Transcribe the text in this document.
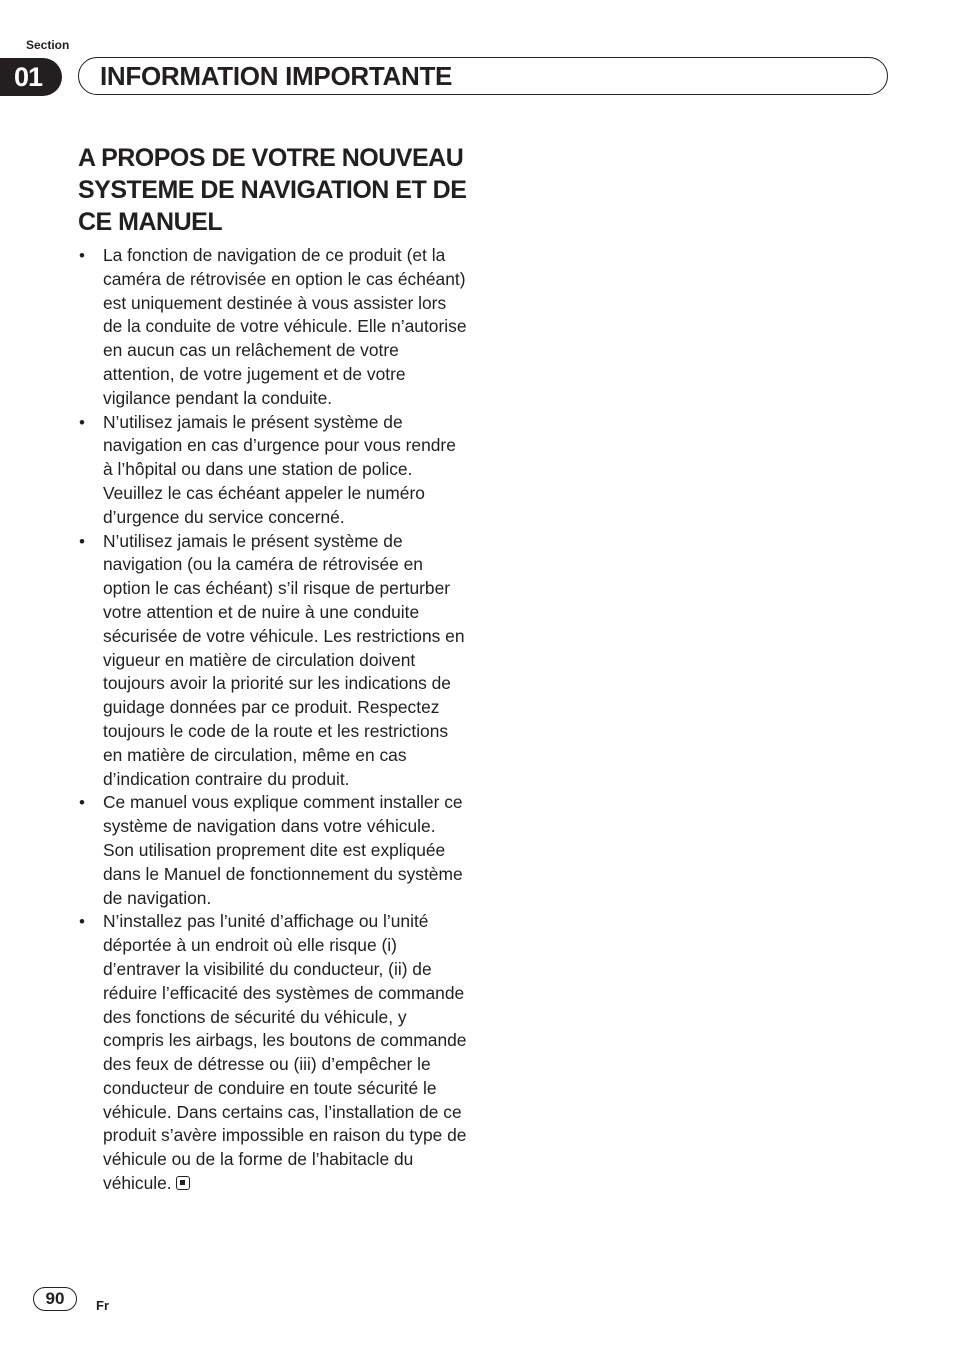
Section
01 INFORMATION IMPORTANTE
A PROPOS DE VOTRE NOUVEAU SYSTEME DE NAVIGATION ET DE CE MANUEL
• La fonction de navigation de ce produit (et la caméra de rétrovisée en option le cas échéant) est uniquement destinée à vous assister lors de la conduite de votre véhicule. Elle n’autorise en aucun cas un relâchement de votre attention, de votre jugement et de votre vigilance pendant la conduite.
• N’utilisez jamais le présent système de navigation en cas d’urgence pour vous rendre à l’hôpital ou dans une station de police. Veuillez le cas échéant appeler le numéro d’urgence du service concerné.
• N’utilisez jamais le présent système de navigation (ou la caméra de rétrovisée en option le cas échéant) s’il risque de perturber votre attention et de nuire à une conduite sécurisée de votre véhicule. Les restrictions en vigueur en matière de circulation doivent toujours avoir la priorité sur les indications de guidage données par ce produit. Respectez toujours le code de la route et les restrictions en matière de circulation, même en cas d’indication contraire du produit.
• Ce manuel vous explique comment installer ce système de navigation dans votre véhicule. Son utilisation proprement dite est expliquée dans le Manuel de fonctionnement du système de navigation.
• N’installez pas l’unité d’affichage ou l’unité déportée à un endroit où elle risque (i) d’entraver la visibilité du conducteur, (ii) de réduire l’efficacité des systèmes de commande des fonctions de sécurité du véhicule, y compris les airbags, les boutons de commande des feux de détresse ou (iii) d’empêcher le conducteur de conduire en toute sécurité le véhicule. Dans certains cas, l’installation de ce produit s’avère impossible en raison du type de véhicule ou de la forme de l’habitacle du véhicule.
90	Fr
